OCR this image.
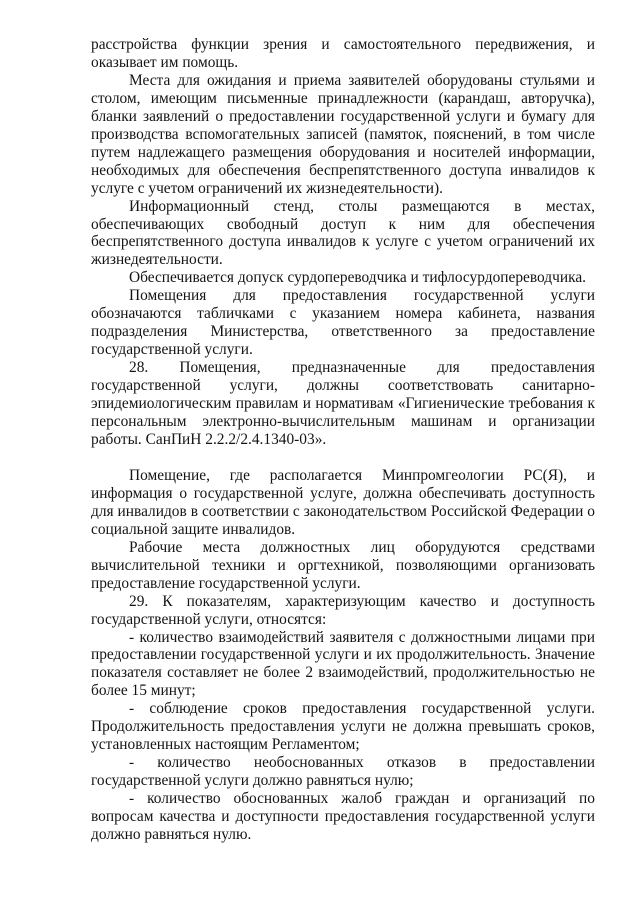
расстройства функции зрения и самостоятельного передвижения, и оказывает им помощь.

Места для ожидания и приема заявителей оборудованы стульями и столом, имеющим письменные принадлежности (карандаш, авторучка), бланки заявлений о предоставлении государственной услуги и бумагу для производства вспомогательных записей (памяток, пояснений, в том числе путем надлежащего размещения оборудования и носителей информации, необходимых для обеспечения беспрепятственного доступа инвалидов к услуге с учетом ограничений их жизнедеятельности).

Информационный стенд, столы размещаются в местах, обеспечивающих свободный доступ к ним для обеспечения беспрепятственного доступа инвалидов к услуге с учетом ограничений их жизнедеятельности.

Обеспечивается допуск сурдопереводчика и тифлосурдопереводчика.

Помещения для предоставления государственной услуги обозначаются табличками с указанием номера кабинета, названия подразделения Министерства, ответственного за предоставление государственной услуги.

28. Помещения, предназначенные для предоставления государственной услуги, должны соответствовать санитарно-эпидемиологическим правилам и нормативам «Гигиенические требования к персональным электронно-вычислительным машинам и организации работы. СанПиН 2.2.2/2.4.1340-03».

Помещение, где располагается Минпромгеологии РС(Я), и информация о государственной услуге, должна обеспечивать доступность для инвалидов в соответствии с законодательством Российской Федерации о социальной защите инвалидов.

Рабочие места должностных лиц оборудуются средствами вычислительной техники и оргтехникой, позволяющими организовать предоставление государственной услуги.

29. К показателям, характеризующим качество и доступность государственной услуги, относятся:

- количество взаимодействий заявителя с должностными лицами при предоставлении государственной услуги и их продолжительность. Значение показателя составляет не более 2 взаимодействий, продолжительностью не более 15 минут;

- соблюдение сроков предоставления государственной услуги. Продолжительность предоставления услуги не должна превышать сроков, установленных настоящим Регламентом;

- количество необоснованных отказов в предоставлении государственной услуги должно равняться нулю;

- количество обоснованных жалоб граждан и организаций по вопросам качества и доступности предоставления государственной услуги должно равняться нулю.
